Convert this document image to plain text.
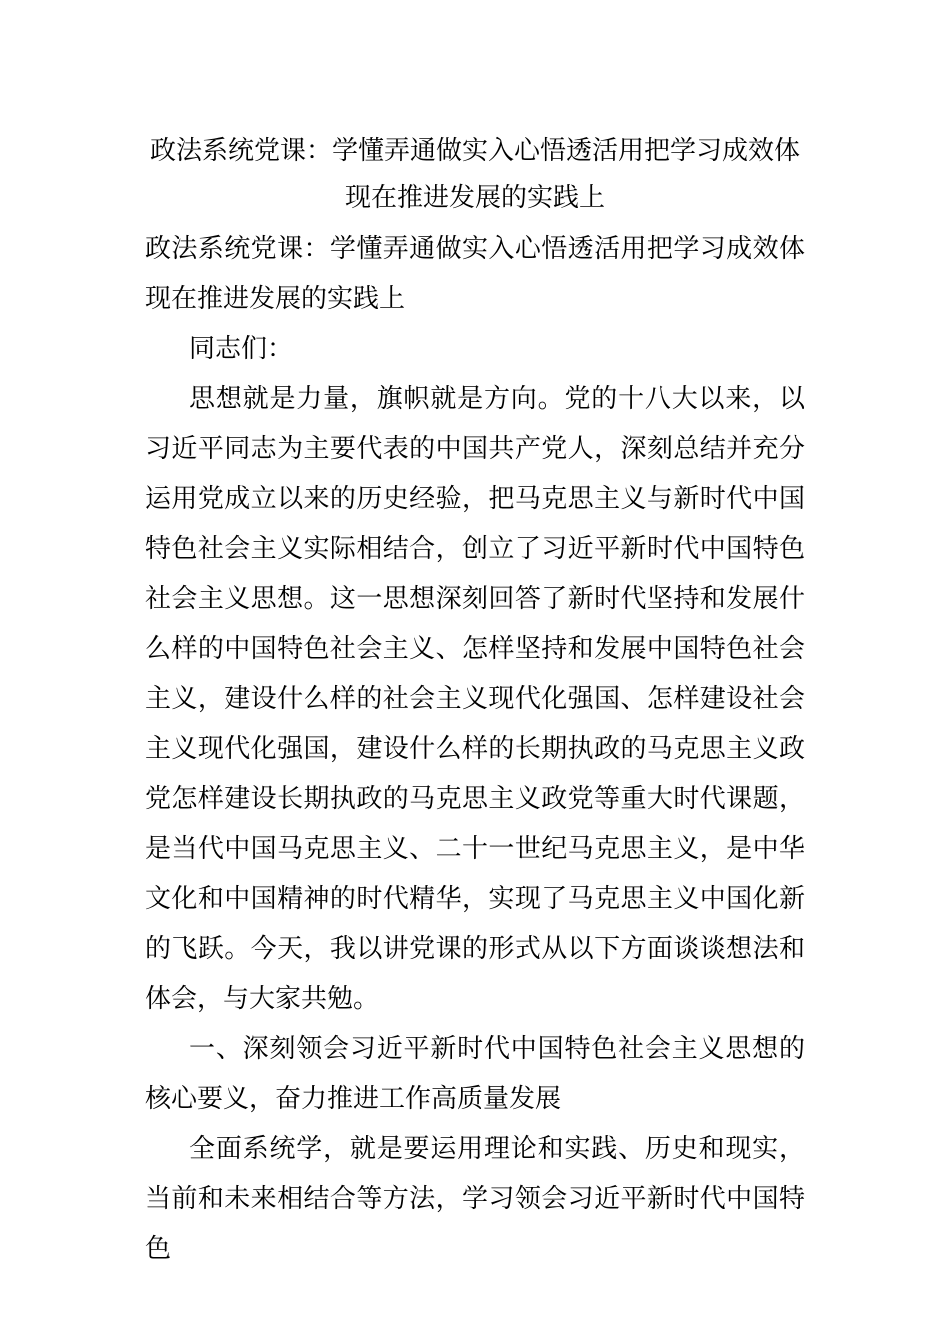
政法系统党课：学懂弄通做实入心悟透活用把学习成效体
现在推进发展的实践上

政法系统党课：学懂弄通做实入心悟透活用把学习成效体现在推进发展的实践上

同志们：

思想就是力量，旗帜就是方向。党的十八大以来，以习近平同志为主要代表的中国共产党人，深刻总结并充分运用党成立以来的历史经验，把马克思主义与新时代中国特色社会主义实际相结合，创立了习近平新时代中国特色社会主义思想。这一思想深刻回答了新时代坚持和发展什么样的中国特色社会主义、怎样坚持和发展中国特色社会主义，建设什么样的社会主义现代化强国、怎样建设社会主义现代化强国，建设什么样的长期执政的马克思主义政党怎样建设长期执政的马克思主义政党等重大时代课题，是当代中国马克思主义、二十一世纪马克思主义，是中华文化和中国精神的时代精华，实现了马克思主义中国化新的飞跃。今天，我以讲党课的形式从以下方面谈谈想法和体会，与大家共勉。

一、深刻领会习近平新时代中国特色社会主义思想的核心要义，奋力推进工作高质量发展

全面系统学，就是要运用理论和实践、历史和现实，当前和未来相结合等方法，学习领会习近平新时代中国特色
